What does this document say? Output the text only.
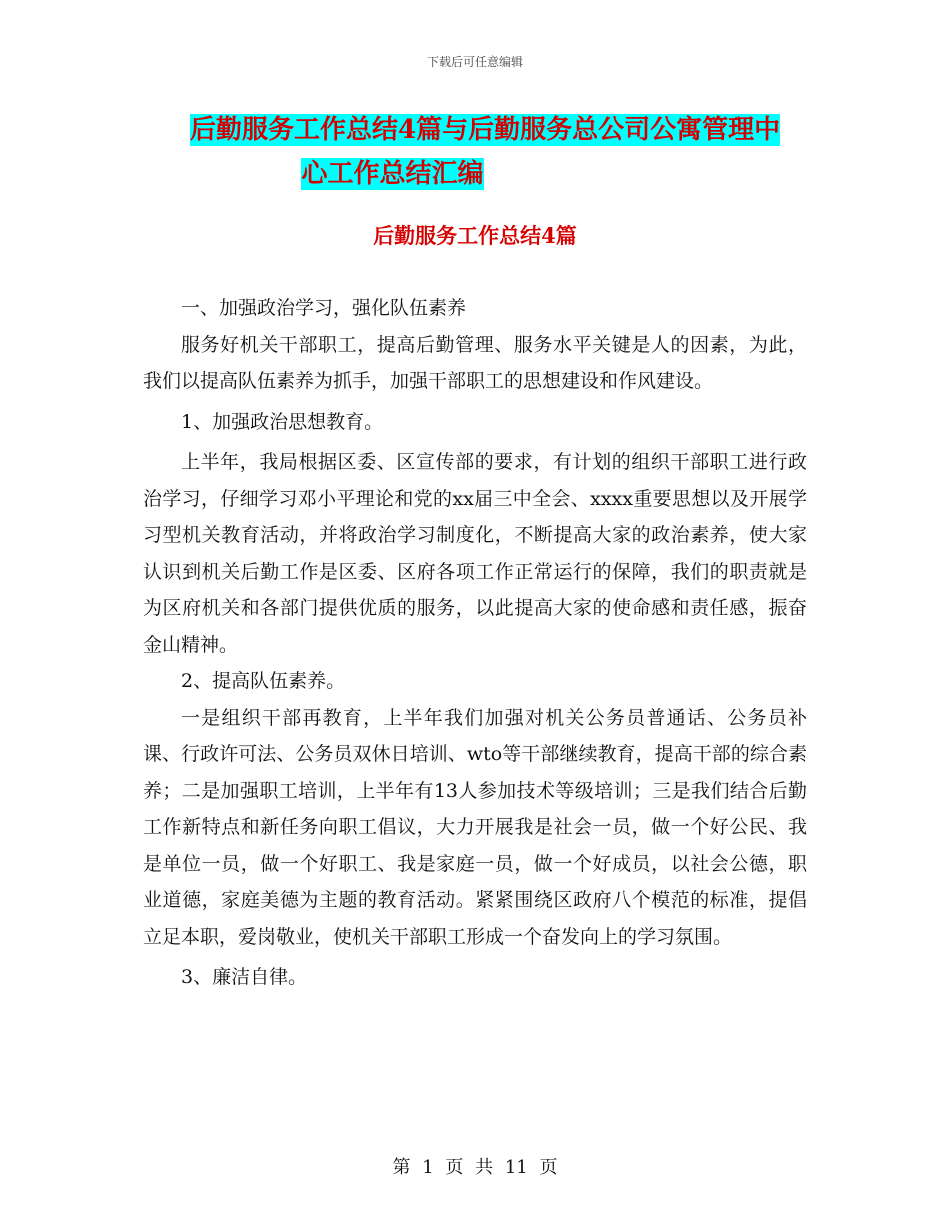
下载后可任意编辑
后勤服务工作总结4篇与后勤服务总公司公寓管理中
心工作总结汇编
后勤服务工作总结4篇

一、加强政治学习，强化队伍素养

服务好机关干部职工，提高后勤管理、服务水平关键是人的因素，为此，我们以提高队伍素养为抓手，加强干部职工的思想建设和作风建设。

1、加强政治思想教育。

上半年，我局根据区委、区宣传部的要求，有计划的组织干部职工进行政治学习，仔细学习邓小平理论和党的xx届三中全会、xxxx重要思想以及开展学习型机关教育活动，并将政治学习制度化，不断提高大家的政治素养，使大家认识到机关后勤工作是区委、区府各项工作正常运行的保障，我们的职责就是为区府机关和各部门提供优质的服务，以此提高大家的使命感和责任感，振奋金山精神。

2、提高队伍素养。

一是组织干部再教育，上半年我们加强对机关公务员普通话、公务员补课、行政许可法、公务员双休日培训、wto等干部继续教育，提高干部的综合素养；二是加强职工培训，上半年有13人参加技术等级培训；三是我们结合后勤工作新特点和新任务向职工倡议，大力开展我是社会一员，做一个好公民、我是单位一员，做一个好职工、我是家庭一员，做一个好成员，以社会公德，职业道德，家庭美德为主题的教育活动。紧紧围绕区政府八个模范的标准，提倡立足本职，爱岗敬业，使机关干部职工形成一个奋发向上的学习氛围。

3、廉洁自律。

第 1 页 共 11 页
